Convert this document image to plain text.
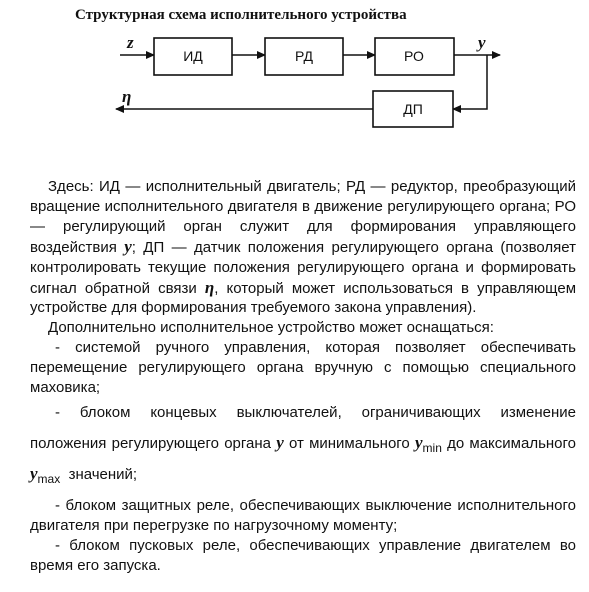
Структурная схема исполнительного устройства
ИД	РД	РО
ДП
z	y
η

Здесь: ИД — исполнительный двигатель; РД — редуктор, преобразующий вращение исполнительного двигателя в движение регулирующего органа; РО — регулирующий орган служит для формирования управляющего воздействия y; ДП — датчик положения регулирующего органа (позволяет контролировать текущие положения регулирующего органа и формировать сигнал обратной связи η, который может использоваться в управляющем устройстве для формирования требуемого закона управления).

Дополнительно исполнительное устройство может оснащаться:

- системой ручного управления, которая позволяет обеспечивать перемещение регулирующего органа вручную с помощью специального маховика;

- блоком концевых выключателей, ограничивающих изменение положения регулирующего органа y от минимального $y_{min}$ до максимального $y_{max}$ значений;

- блоком защитных реле, обеспечивающих выключение исполнительного двигателя при перегрузке по нагрузочному моменту;

- блоком пусковых реле, обеспечивающих управление двигателем во время его запуска.
